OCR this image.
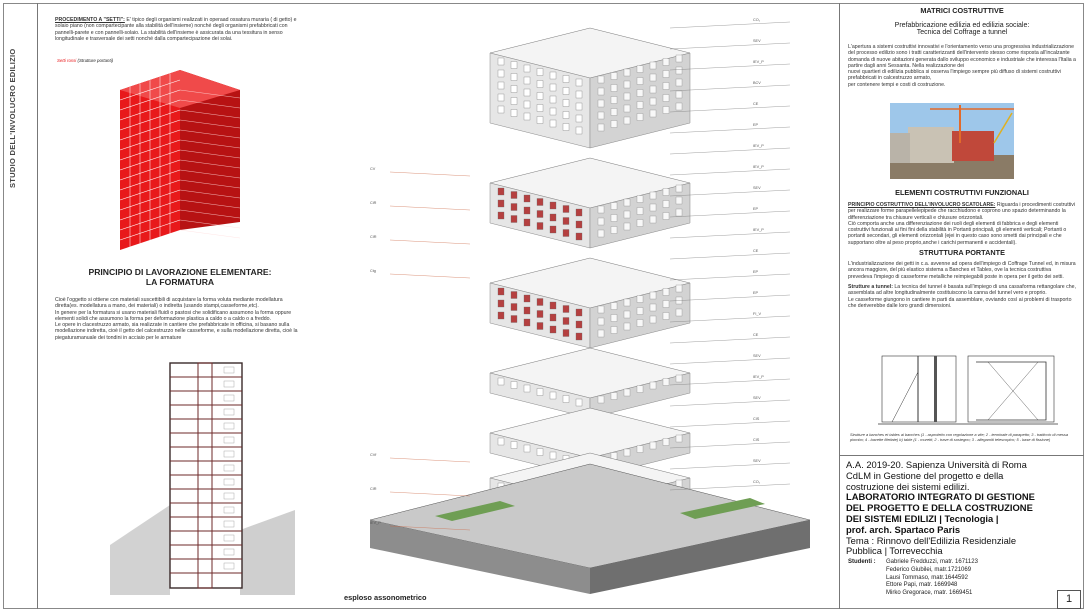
STUDIO DELL'INVOLUCRO EDILIZIO
PROCEDIMENTO A "SETTI": E' tipico degli organismi realizzati in operaad ossatura muraria ( di getto) e solaio piano (non compartecipante alla stabilità dell'insieme) nonché degli organismi prefabbricati con pannelli-parete e con pannelli-solaio. La stabilità dell'insieme è assicurata da una tessitura in senso longitudinale e trasversale dei setti nonché dalla compartecipazione dei solai.
Setti rossi (Strutture portanti)
PRINCIPIO DI LAVORAZIONE ELEMENTARE:
LA FORMATURA
Cioè l'oggetto si ottiene con materiali suscettibili di acquistare la forma voluta mediante modellatura diretta(es. modellatura a mano, dei materiali) o indiretta (usando stampi,casseforme,etc).
In genere per la formatura si usano materiali fluidi o pastosi che solidificano assumono la forma oppure elementi solidi che assumono la forma per deformazione plastica a caldo o a caldo o a freddo.
Le opere in clacestruzzo armato, sia realizzate in cantiere che prefabbricate in officina, si basano sulla modellazione indiretta, cioè il getto del calcestruzzo nelle casseforme, e sulla modellazione diretta, cioè la piegaturamanuale dei tondini in acciaio per le armature
CO₁
SEV
IEV_P
BCV
CE
EP
IEV_P
IEV_P
SEV
EP
IEV_P
CE
EP
EP
FI_V
CE
SEV
IEV_P
SEV
CIS
CIS
SEV
CO₁
CV
CiR
CIR
Ctg
CVf
CIR
IEV_P
esploso assonometrico
MATRICI COSTRUTTIVE
Prefabbricazione edilizia ed edilizia sociale:
Tecnica del Coffrage a tunnel
L'apertura a sistemi costruttivi innovativi e l'orientamento verso una progressiva industrializzazione del processo edilizio sono i tratti caratterizzanti dell'intervento stesso come risposta all'incalzante domanda di nuove abitazioni generata dallo sviluppo economico e industriale che interessa l'Italia a partire dagli anni Sessanta. Nella realizzazione dei
nuovi quartieri di edilizia pubblica si osserva l'impiego sempre più diffuso di sistemi costruttivi prefabbricati in calcestruzzo armato,
per contenere tempi e costi di costruzione.
ELEMENTI COSTRUTTIVI FUNZIONALI
PRINCIPIO COSTRUTTIVO DELL'INVOLUCRO SCATOLARE: Riguarda i procedimenti costruttivi per realizzare forme parapellelepipede che racchiudono e coprono uno spazio determinando la differenziazione tra chiusure verticali e chiusure orizzontali.
Ciò comporta anche una differenziazione dei ruoli degli elementi di fabbrica e degli elementi costruttivi funzionali ai fini fini della stabilità in Portanti principali, gli elementi verticali; Portanti o portanti secondari, gli elementi orizzontali (ejei in questo caso sono smetti dai principali e che supportano oltre al peso proprio,anche i carichi permanenti e accidentali).
STRUTTURA PORTANTE
L'industrializzazione dei getti in c.a. avvenne ad opera dell'impiego di Coffrage Tunnel ed, in misura ancora maggiore, del più elastico sistema a Banches et Tables, ove la tecnica costruttiva prevedeva l'impiego di casseforme metalliche reimpiegabili poste in opera per il getto dei setti.
Strutture a tunnel: La tecnica del tunnel è basata sull'impiego di una cassaforma rettangolare che, assemblata ad altre longitudinalmente costituiscono la canna del tunnel vero e proprio.
Le casseforme giungono in cantiere in parti da assemblare, ovviando così ai problemi di trasporto che deriverebbe dalle loro grandi dimensioni.
Strutture a banches et tables ai banches (1 - asproletto con regolazione a vite; 2 - terminale di parapetto; 3 - tratticcio di messa piombo; 4 - bavette filettate) b) table (1 - muretti; 2 - trave di sostegno; 3 - allegamiti telescopico; 5 - base di fissione)
A.A. 2019-20. Sapienza Università di Roma
CdLM in Gestione del progetto e della
costruzione dei sistemi edilizi.
LABORATORIO INTEGRATO DI GESTIONE
DEL PROGETTO E DELLA COSTRUZIONE
DEI SISTEMI EDILIZI | Tecnologia |
prof. arch. Spartaco Paris
Tema : Rinnovo dell'Edilizia Residenziale
Pubblica | Torrevecchia
Studenti : Gabriele Fredduzzi, matr. 1671123
Federico Giubilei, matr.1721069
Lausi Tommaso, matr.1644592
Ettore Papi, matr. 1669948
Mirko Gregorace, matr. 1669451	1
